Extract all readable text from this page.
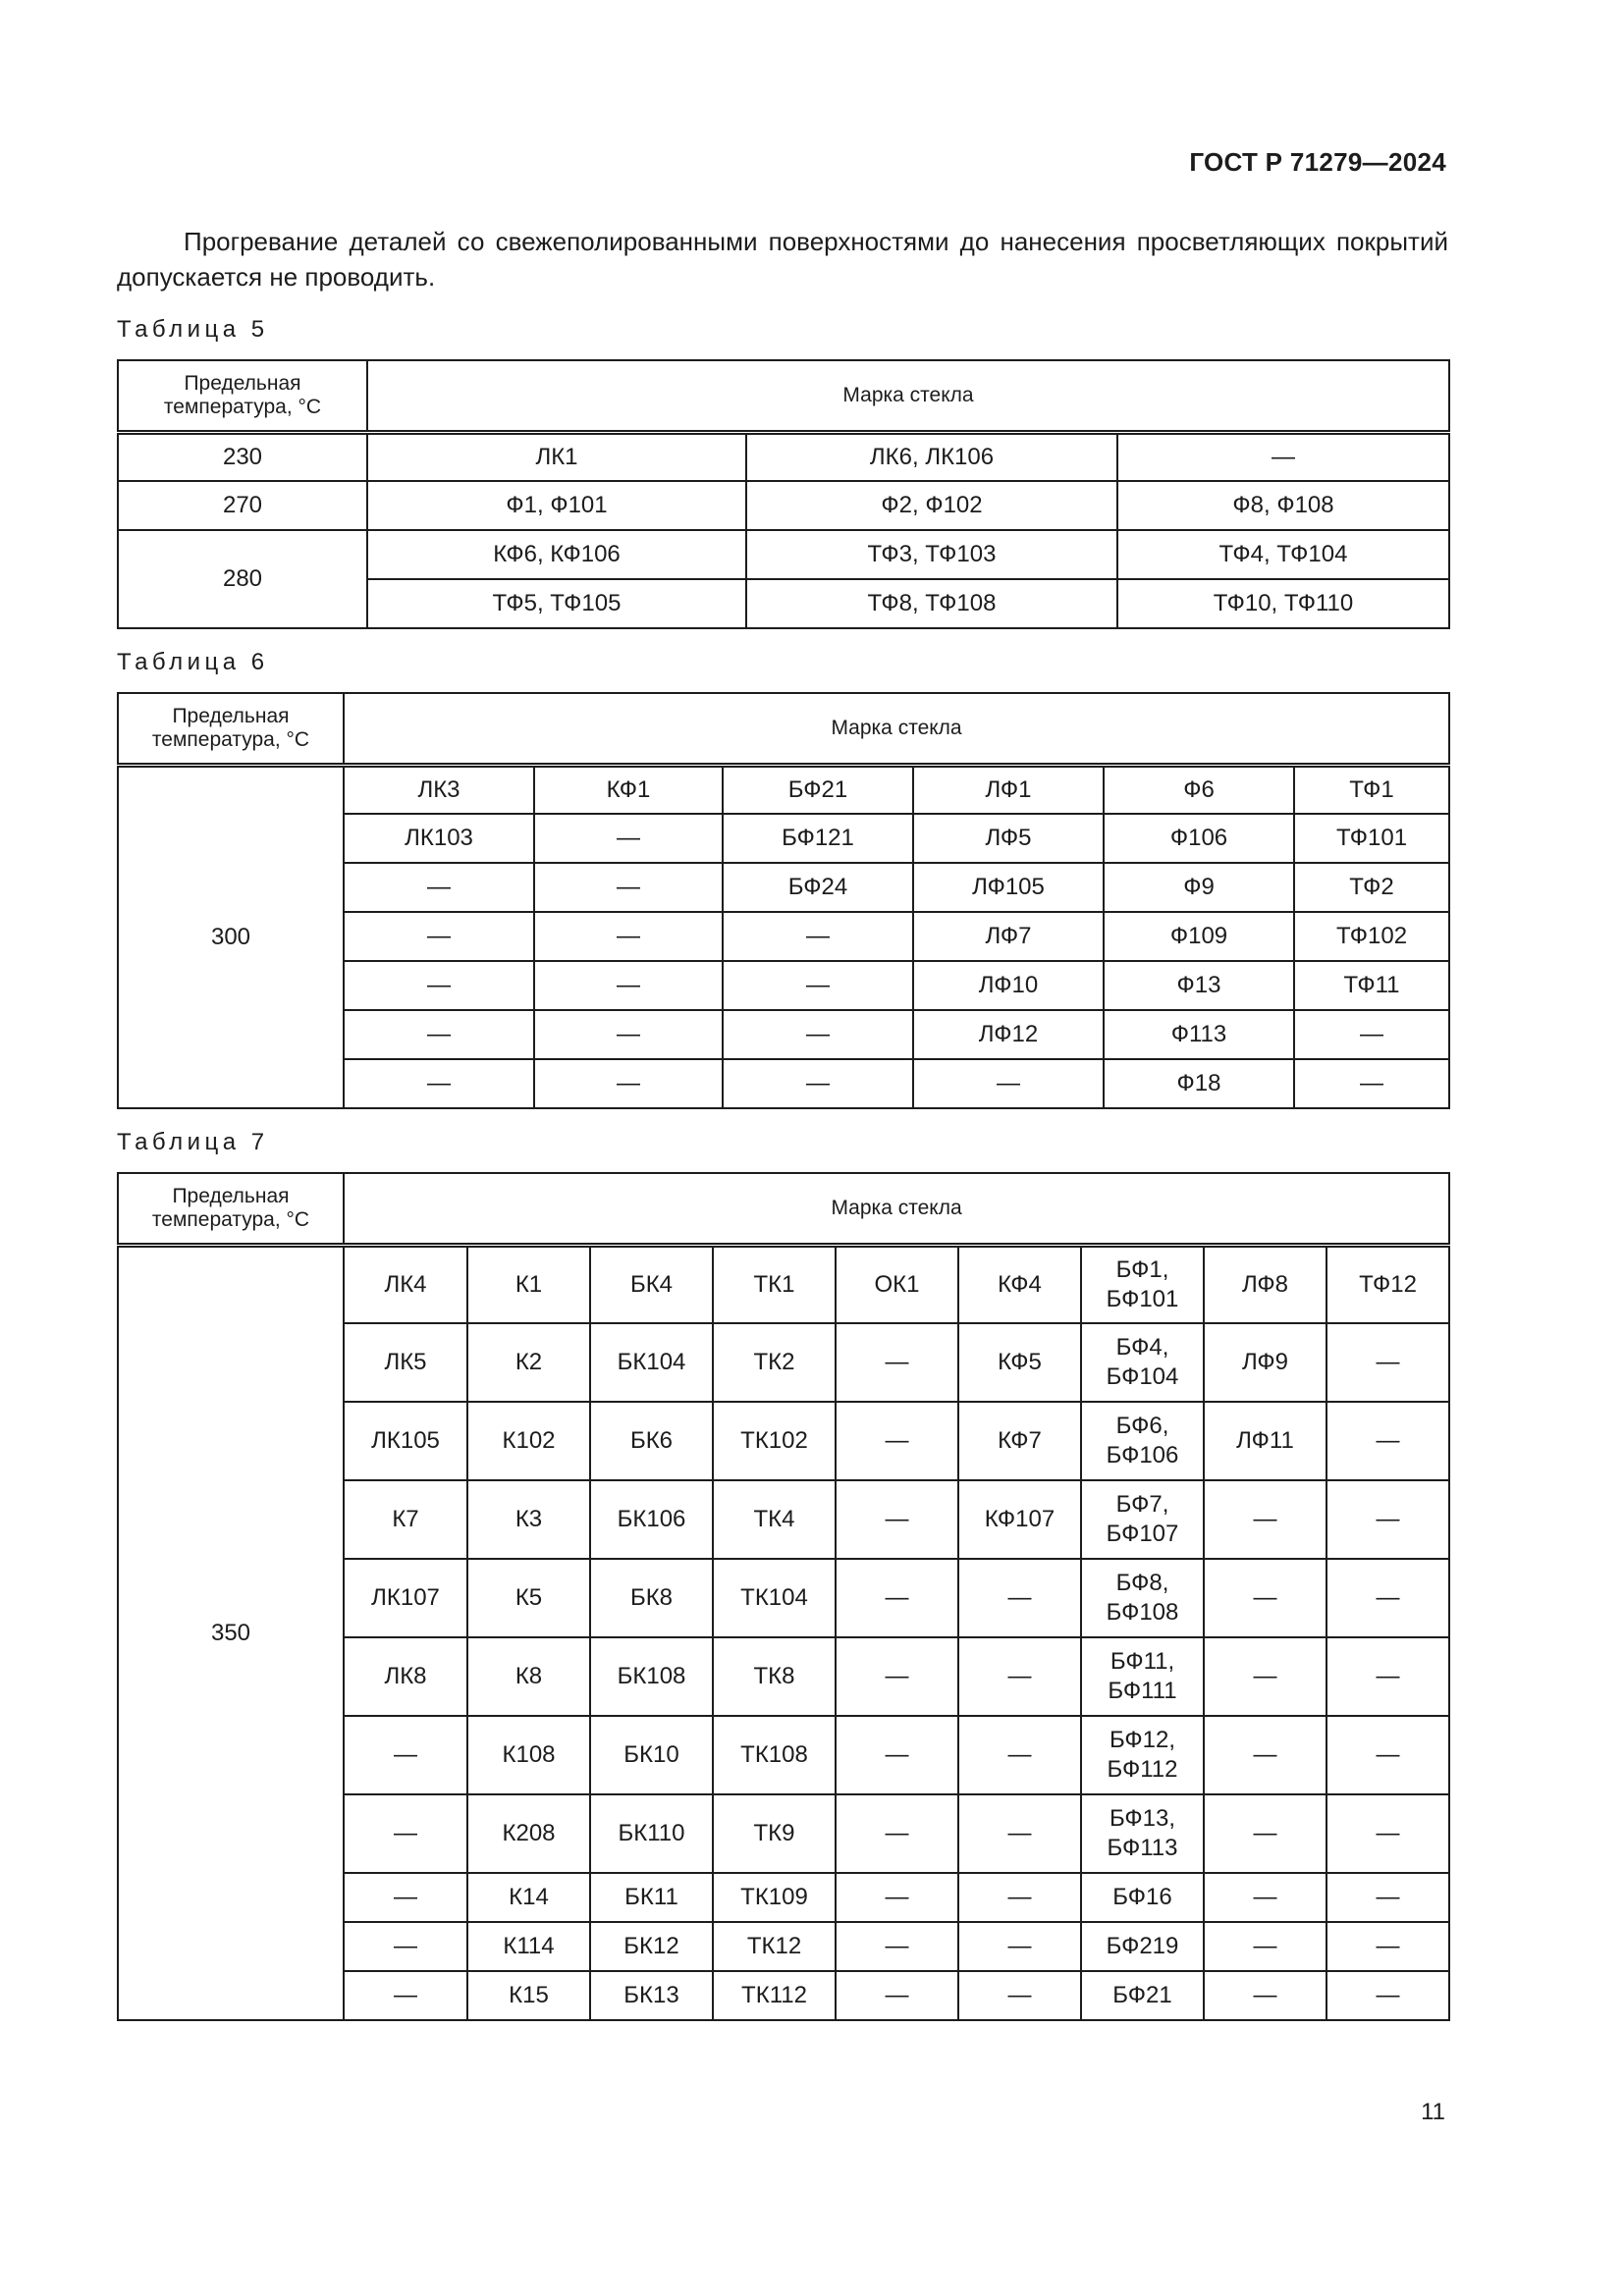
ГОСТ Р 71279—2024
Прогревание деталей со свежеполированными поверхностями до нанесения просветляющих покрытий допускается не проводить.
Таблица 5
Предельная температура, °С	Марка стекла		
230	ЛК1	ЛК6, ЛК106	—
270	Ф1, Ф101	Ф2, Ф102	Ф8, Ф108
280	КФ6, КФ106	ТФ3, ТФ103	ТФ4, ТФ104
	ТФ5, ТФ105	ТФ8, ТФ108	ТФ10, ТФ110
Таблица 6
Предельная температура, °С	Марка стекла					
300	ЛК3	КФ1	БФ21	ЛФ1	Ф6	ТФ1
	ЛК103	—	БФ121	ЛФ5	Ф106	ТФ101
	—	—	БФ24	ЛФ105	Ф9	ТФ2
	—	—	—	ЛФ7	Ф109	ТФ102
	—	—	—	ЛФ10	Ф13	ТФ11
	—	—	—	ЛФ12	Ф113	—
	—	—	—	—	Ф18	—
Таблица 7
Предельная температура, °С	Марка стекла								
350	ЛК4	К1	БК4	ТК1	ОК1	КФ4	БФ1, БФ101	ЛФ8	ТФ12
	ЛК5	К2	БК104	ТК2	—	КФ5	БФ4, БФ104	ЛФ9	—
	ЛК105	К102	БК6	ТК102	—	КФ7	БФ6, БФ106	ЛФ11	—
	К7	К3	БК106	ТК4	—	КФ107	БФ7, БФ107	—	—
	ЛК107	К5	БК8	ТК104	—	—	БФ8, БФ108	—	—
	ЛК8	К8	БК108	ТК8	—	—	БФ11, БФ111	—	—
	—	К108	БК10	ТК108	—	—	БФ12, БФ112	—	—
	—	К208	БК110	ТК9	—	—	БФ13, БФ113	—	—
	—	К14	БК11	ТК109	—	—	БФ16	—	—
	—	К114	БК12	ТК12	—	—	БФ219	—	—
	—	К15	БК13	ТК112	—	—	БФ21	—	—
11
